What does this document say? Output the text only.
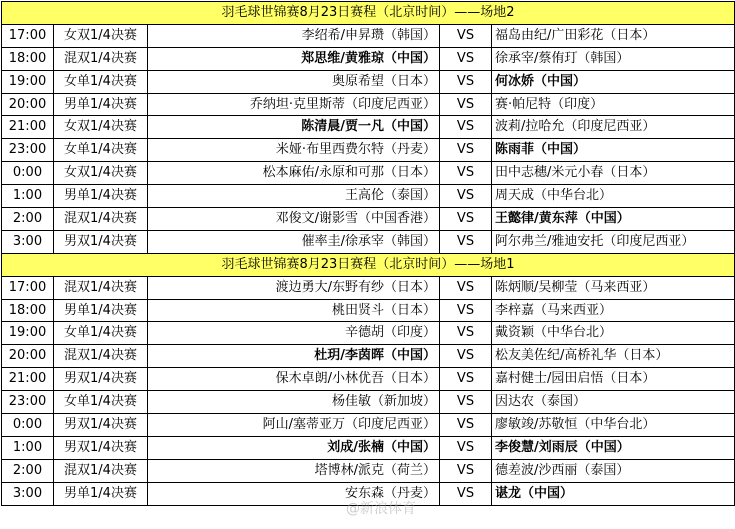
羽毛球世锦赛8月23日赛程（北京时间）——场地2				
17:00	女双1/4决赛	李绍希/申昇瓒（韩国）	VS	福岛由纪/广田彩花（日本）
18:00	混双1/4决赛	郑思维/黄雅琼（中国）	VS	徐承宰/蔡侑玎（韩国）
19:00	女单1/4决赛	奥原希望（日本）	VS	何冰娇（中国）
20:00	男单1/4决赛	乔纳坦·克里斯蒂（印度尼西亚）	VS	赛·帕尼特（印度）
21:00	女双1/4决赛	陈清晨/贾一凡（中国）	VS	波莉/拉哈允（印度尼西亚）
23:00	女单1/4决赛	米娅·布里西费尔特（丹麦）	VS	陈雨菲（中国）
0:00	女双1/4决赛	松本麻佑/永原和可那（日本）	VS	田中志穗/米元小春（日本）
1:00	男单1/4决赛	王高伦（泰国）	VS	周天成（中华台北）
2:00	混双1/4决赛	邓俊文/谢影雪（中国香港）	VS	王懿律/黄东萍（中国）
3:00	男双1/4决赛	催率圭/徐承宰（韩国）	VS	阿尔弗兰/雅迪安托（印度尼西亚）
羽毛球世锦赛8月23日赛程（北京时间）——场地1				
17:00	混双1/4决赛	渡边勇大/东野有纱（日本）	VS	陈炳顺/吴柳莹（马来西亚）
18:00	男单1/4决赛	桃田贤斗（日本）	VS	李梓嘉（马来西亚）
19:00	女单1/4决赛	辛德胡（印度）	VS	戴资颖（中华台北）
20:00	混双1/4决赛	杜玥/李茵晖（中国）	VS	松友美佐纪/高桥礼华（日本）
21:00	男双1/4决赛	保木卓朗/小林优吾（日本）	VS	嘉村健士/园田启悟（日本）
23:00	女单1/4决赛	杨佳敏（新加坡）	VS	因达农（泰国）
0:00	男双1/4决赛	阿山/塞蒂亚万（印度尼西亚）	VS	廖敏竣/苏敬恒（中华台北）
1:00	男双1/4决赛	刘成/张楠（中国）	VS	李俊慧/刘雨辰（中国）
2:00	混双1/4决赛	塔博林/派克（荷兰）	VS	德差波/沙西丽（泰国）
3:00	男单1/4决赛	安东森（丹麦）	VS	谌龙（中国）
@新浪体育
